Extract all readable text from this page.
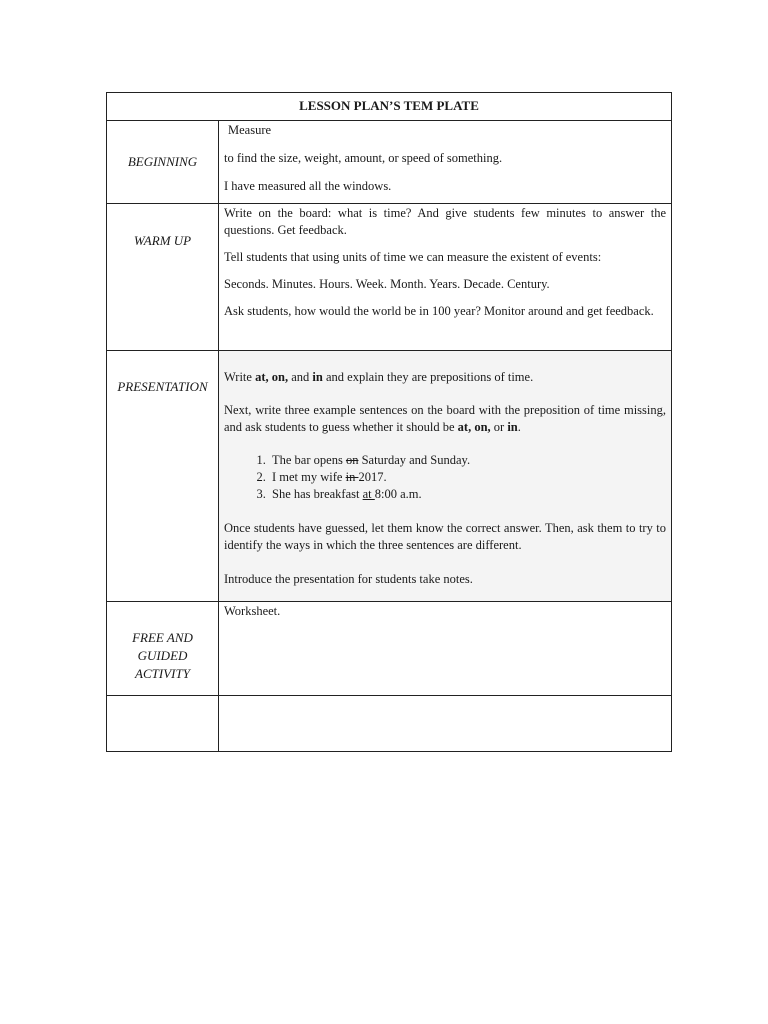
LESSON PLAN’S TEM PLATE
BEGINNING

Measure

to find the size, weight, amount, or speed of something.

I have measured all the windows.

WARM UP

Write on the board: what is time? And give students few minutes to answer the questions. Get feedback.

Tell students that using units of time we can measure the existent of events:

Seconds. Minutes. Hours. Week. Month. Years. Decade. Century.

Ask students, how would the world be in 100 year? Monitor around and get feedback.

PRESENTATION

Write at, on, and in and explain they are prepositions of time.

Next, write three example sentences on the board with the preposition of time missing, and ask students to guess whether it should be at, on, or in.

1. The bar opens on Saturday and Sunday.
2. I met my wife in 2017.
3. She has breakfast at 8:00 a.m.

Once students have guessed, let them know the correct answer. Then, ask them to try to identify the ways in which the three sentences are different.

Introduce the presentation for students take notes.

FREE AND GUIDED ACTIVITY

Worksheet.
